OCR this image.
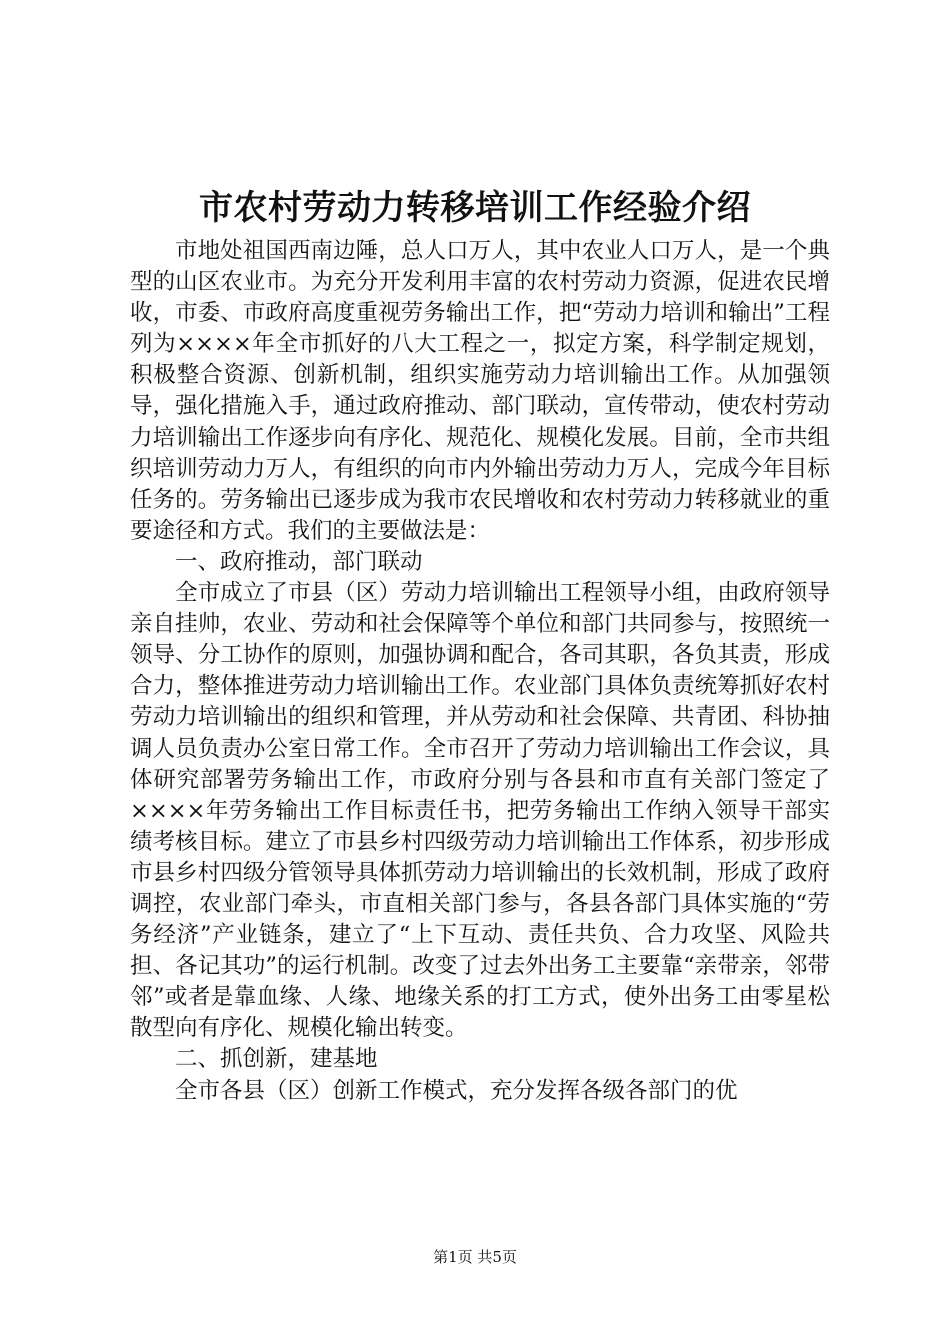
市农村劳动力转移培训工作经验介绍

市地处祖国西南边陲，总人口万人，其中农业人口万人，是一个典型的山区农业市。为充分开发利用丰富的农村劳动力资源，促进农民增收，市委、市政府高度重视劳务输出工作，把“劳动力培训和输出”工程列为××××年全市抓好的八大工程之一，拟定方案，科学制定规划，积极整合资源、创新机制，组织实施劳动力培训输出工作。从加强领导，强化措施入手，通过政府推动、部门联动，宣传带动，使农村劳动力培训输出工作逐步向有序化、规范化、规模化发展。目前，全市共组织培训劳动力万人，有组织的向市内外输出劳动力万人，完成今年目标任务的。劳务输出已逐步成为我市农民增收和农村劳动力转移就业的重要途径和方式。我们的主要做法是：

一、政府推动，部门联动

全市成立了市县（区）劳动力培训输出工程领导小组，由政府领导亲自挂帅，农业、劳动和社会保障等个单位和部门共同参与，按照统一领导、分工协作的原则，加强协调和配合，各司其职，各负其责，形成合力，整体推进劳动力培训输出工作。农业部门具体负责统筹抓好农村劳动力培训输出的组织和管理，并从劳动和社会保障、共青团、科协抽调人员负责办公室日常工作。全市召开了劳动力培训输出工作会议，具体研究部署劳务输出工作，市政府分别与各县和市直有关部门签定了××××年劳务输出工作目标责任书，把劳务输出工作纳入领导干部实绩考核目标。建立了市县乡村四级劳动力培训输出工作体系，初步形成市县乡村四级分管领导具体抓劳动力培训输出的长效机制，形成了政府调控，农业部门牵头，市直相关部门参与，各县各部门具体实施的“劳务经济”产业链条，建立了“上下互动、责任共负、合力攻坚、风险共担、各记其功”的运行机制。改变了过去外出务工主要靠“亲带亲，邻带邻”或者是靠血缘、人缘、地缘关系的打工方式，使外出务工由零星松散型向有序化、规模化输出转变。

二、抓创新，建基地

全市各县（区）创新工作模式，充分发挥各级各部门的优

第1页 共5页
